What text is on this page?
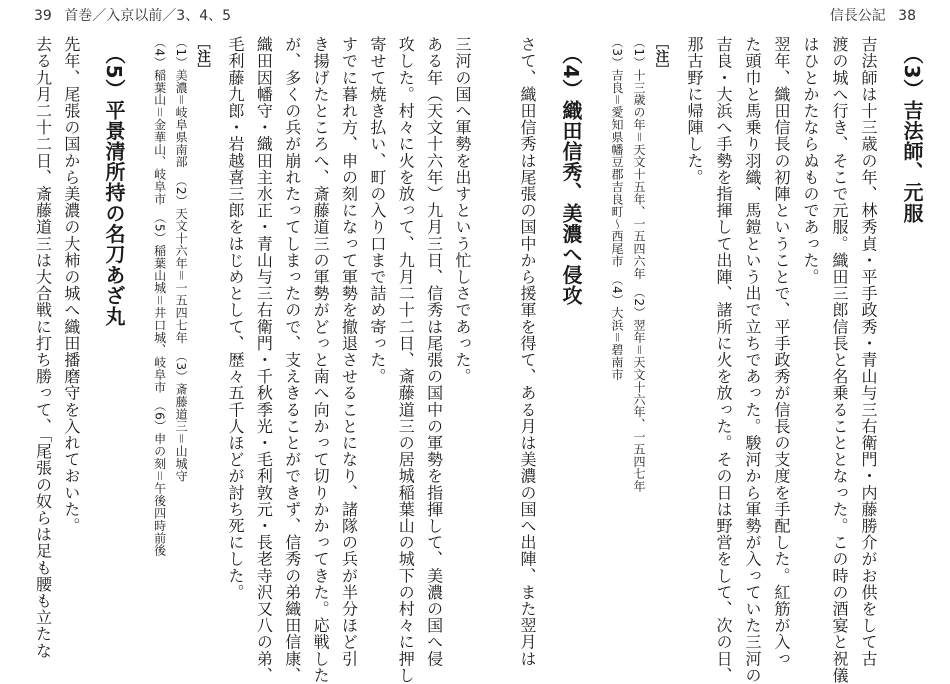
39 首巻／入京以前／3、4、5	信長公記 38
（3）吉法師、元服
吉法師は十三歳の年、林秀貞・平手政秀・青山与三右衛門・内藤勝介がお供をして古
渡の城へ行き、そこで元服。織田三郎信長と名乗ることとなった。この時の酒宴と祝儀
はひとかたならぬものであった。
翌年、織田信長の初陣ということで、平手政秀が信長の支度を手配した。紅筋が入っ
た頭巾と馬乗り羽織、馬鎧という出で立ちであった。駿河から軍勢が入っていた三河の
吉良・大浜へ手勢を指揮して出陣、諸所に火を放った。その日は野営をして、次の日、
那古野に帰陣した。
［注］
（1）十三歳の年＝天文十五年、一五四六年　（2）翌年＝天文十六年、一五四七年
（3）吉良＝愛知県幡豆郡吉良町〜西尾市　（4）大浜＝碧南市
（4）織田信秀、美濃へ侵攻
さて、織田信秀は尾張の国中から援軍を得て、ある月は美濃の国へ出陣、また翌月は
三河の国へ軍勢を出すという忙しさであった。
ある年（天文十六年）九月三日、信秀は尾張の国中の軍勢を指揮して、美濃の国へ侵
攻した。村々に火を放って、九月二十二日、斎藤道三の居城稲葉山の城下の村々に押し
寄せて焼き払い、町の入り口まで詰め寄った。
すでに暮れ方、申の刻になって軍勢を撤退させることになり、諸隊の兵が半分ほど引
き揚げたところへ、斎藤道三の軍勢がどっと南へ向かって切りかかってきた。応戦した
が、多くの兵が崩れたってしまったので、支えきることができず、信秀の弟織田信康、
織田因幡守・織田主水正・青山与三右衛門・千秋季光・毛利敦元・長老寺沢又八の弟、
毛利藤九郎・岩越喜三郎をはじめとして、歴々五千人ほどが討ち死にした。
［注］
（1）美濃＝岐阜県南部　（2）天文十六年＝一五四七年　（3）斎藤道三＝山城守
（4）稲葉山＝金華山、岐阜市　（5）稲葉山城＝井口城、岐阜市　（6）申の刻＝午後四時前後
（5）平景清所持の名刀あざ丸
先年、尾張の国から美濃の大柿の城へ織田播磨守を入れておいた。
去る九月二十二日、斎藤道三は大合戦に打ち勝って、「尾張の奴らは足も腰も立たな
